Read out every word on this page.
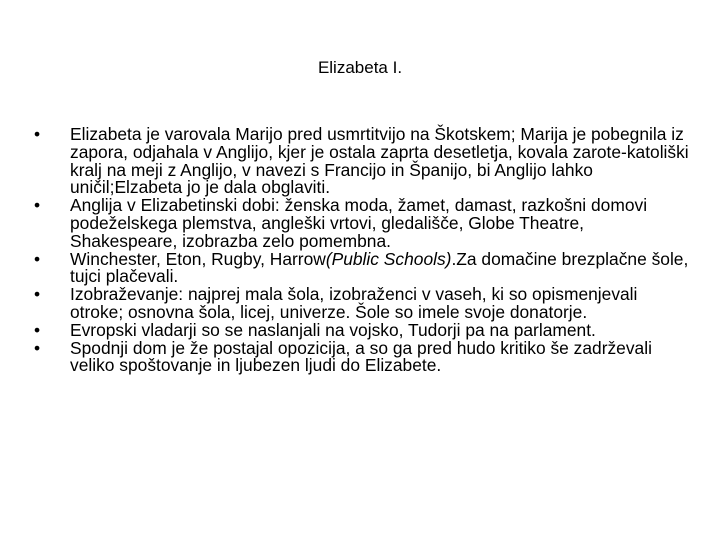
Elizabeta I.
• Elizabeta je varovala Marijo pred usmrtitvijo na Škotskem; Marija je pobegnila iz zapora, odjahala v Anglijo, kjer je ostala zaprta desetletja, kovala zarote-katoliški kralj na meji z Anglijo, v navezi s Francijo in Španijo, bi Anglijo lahko uničil;Elzabeta jo je dala obglaviti.
• Anglija v Elizabetinski dobi: ženska moda, žamet, damast, razkošni domovi podeželskega plemstva, angleški vrtovi, gledališče, Globe Theatre, Shakespeare, izobrazba zelo pomembna.
• Winchester, Eton, Rugby, Harrow(Public Schools).Za domačine brezplačne šole, tujci plačevali.
• Izobraževanje: najprej mala šola, izobraženci v vaseh, ki so opismenjevali otroke; osnovna šola, licej, univerze. Šole so imele svoje donatorje.
• Evropski vladarji so se naslanjali na vojsko, Tudorji pa na parlament.
• Spodnji dom je že postajal opozicija, a so ga pred hudo kritiko še zadrževali veliko spoštovanje in ljubezen ljudi do Elizabete.
